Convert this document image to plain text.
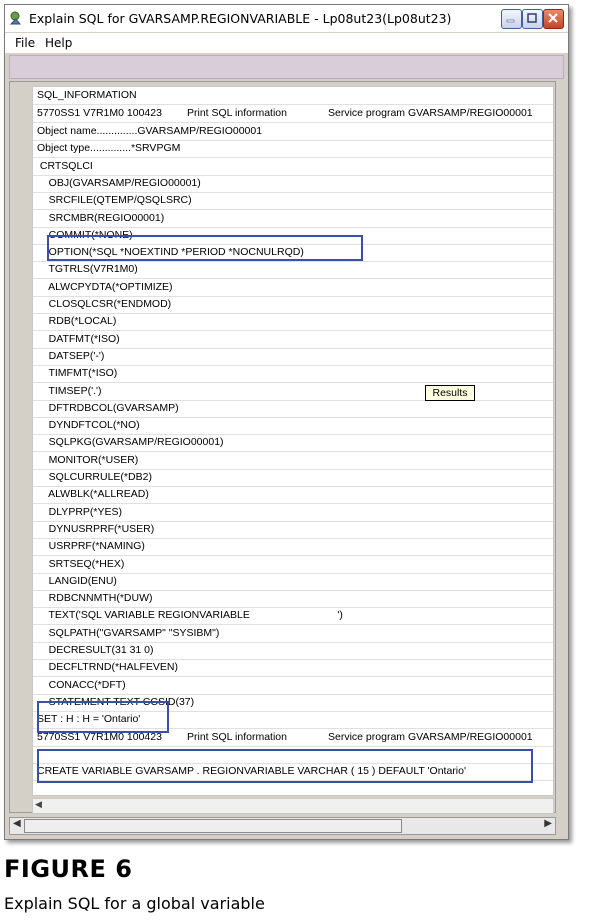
Explain SQL for GVARSAMP.REGIONVARIABLE - Lp08ut23(Lp08ut23)
File Help
SQL_INFORMATION

5770SS1 V7R1M0 100423

Print SQL information

	Service program GVARSAMP/REGIO00001

Object name..............GVARSAMP/REGIO00001
Object type..............*SRVPGM
CRTSQLCI
OBJ(GVARSAMP/REGIO00001)
SRCFILE(QTEMP/QSQLSRC)
SRCMBR(REGIO00001)
COMMIT(*NONE)
OPTION(*SQL *NOEXTIND *PERIOD *NOCNULRQD)
TGTRLS(V7R1M0)
ALWCPYDTA(*OPTIMIZE)
CLOSQLCSR(*ENDMOD)
RDB(*LOCAL)
DATFMT(*ISO)
DATSEP('-')
TIMFMT(*ISO)
TIMSEP('.')
DFTRDBCOL(GVARSAMP)
DYNDFTCOL(*NO)
SQLPKG(GVARSAMP/REGIO00001)
MONITOR(*USER)
SQLCURRULE(*DB2)
ALWBLK(*ALLREAD)
DLYPRP(*YES)
DYNUSRPRF(*USER)
USRPRF(*NAMING)
SRTSEQ(*HEX)
LANGID(ENU)
RDBCNNMTH(*DUW)
TEXT('SQL VARIABLE REGIONVARIABLE                              ')
SQLPATH("GVARSAMP" "SYSIBM")
DECRESULT(31 31 0)
DECFLTRND(*HALFEVEN)
CONACC(*DFT)
STATEMENT TEXT CCSID(37)
SET : H : H = 'Ontario'

5770SS1 V7R1M0 100423

Print SQL information

	Service program GVARSAMP/REGIO00001

CREATE VARIABLE GVARSAMP . REGIONVARIABLE VARCHAR ( 15 ) DEFAULT 'Ontario'
Results
◀
◀	▶
FIGURE 6
Explain SQL for a global variable
